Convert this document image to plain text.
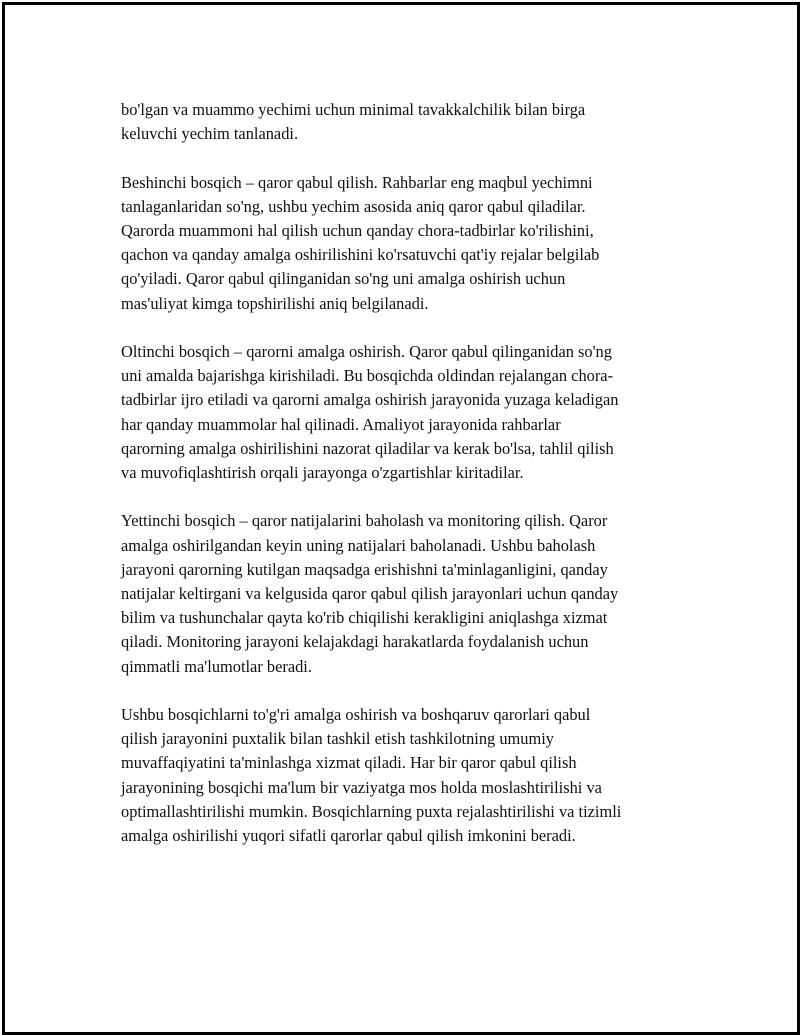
bo'lgan va muammo yechimi uchun minimal tavakkalchilik bilan birga
keluvchi yechim tanlanadi.

Beshinchi bosqich – qaror qabul qilish. Rahbarlar eng maqbul yechimni
tanlaganlaridan so'ng, ushbu yechim asosida aniq qaror qabul qiladilar.
Qarorda muammoni hal qilish uchun qanday chora-tadbirlar ko'rilishini,
qachon va qanday amalga oshirilishini ko'rsatuvchi qat'iy rejalar belgilab
qo'yiladi. Qaror qabul qilinganidan so'ng uni amalga oshirish uchun
mas'uliyat kimga topshirilishi aniq belgilanadi.

Oltinchi bosqich – qarorni amalga oshirish. Qaror qabul qilinganidan so'ng
uni amalda bajarishga kirishiladi. Bu bosqichda oldindan rejalangan chora-
tadbirlar ijro etiladi va qarorni amalga oshirish jarayonida yuzaga keladigan
har qanday muammolar hal qilinadi. Amaliyot jarayonida rahbarlar
qarorning amalga oshirilishini nazorat qiladilar va kerak bo'lsa, tahlil qilish
va muvofiqlashtirish orqali jarayonga o'zgartishlar kiritadilar.

Yettinchi bosqich – qaror natijalarini baholash va monitoring qilish. Qaror
amalga oshirilgandan keyin uning natijalari baholanadi. Ushbu baholash
jarayoni qarorning kutilgan maqsadga erishishni ta'minlaganligini, qanday
natijalar keltirgani va kelgusida qaror qabul qilish jarayonlari uchun qanday
bilim va tushunchalar qayta ko'rib chiqilishi kerakligini aniqlashga xizmat
qiladi. Monitoring jarayoni kelajakdagi harakatlarda foydalanish uchun
qimmatli ma'lumotlar beradi.

Ushbu bosqichlarni to'g'ri amalga oshirish va boshqaruv qarorlari qabul
qilish jarayonini puxtalik bilan tashkil etish tashkilotning umumiy
muvaffaqiyatini ta'minlashga xizmat qiladi. Har bir qaror qabul qilish
jarayonining bosqichi ma'lum bir vaziyatga mos holda moslashtirilishi va
optimallashtirilishi mumkin. Bosqichlarning puxta rejalashtirilishi va tizimli
amalga oshirilishi yuqori sifatli qarorlar qabul qilish imkonini beradi.
